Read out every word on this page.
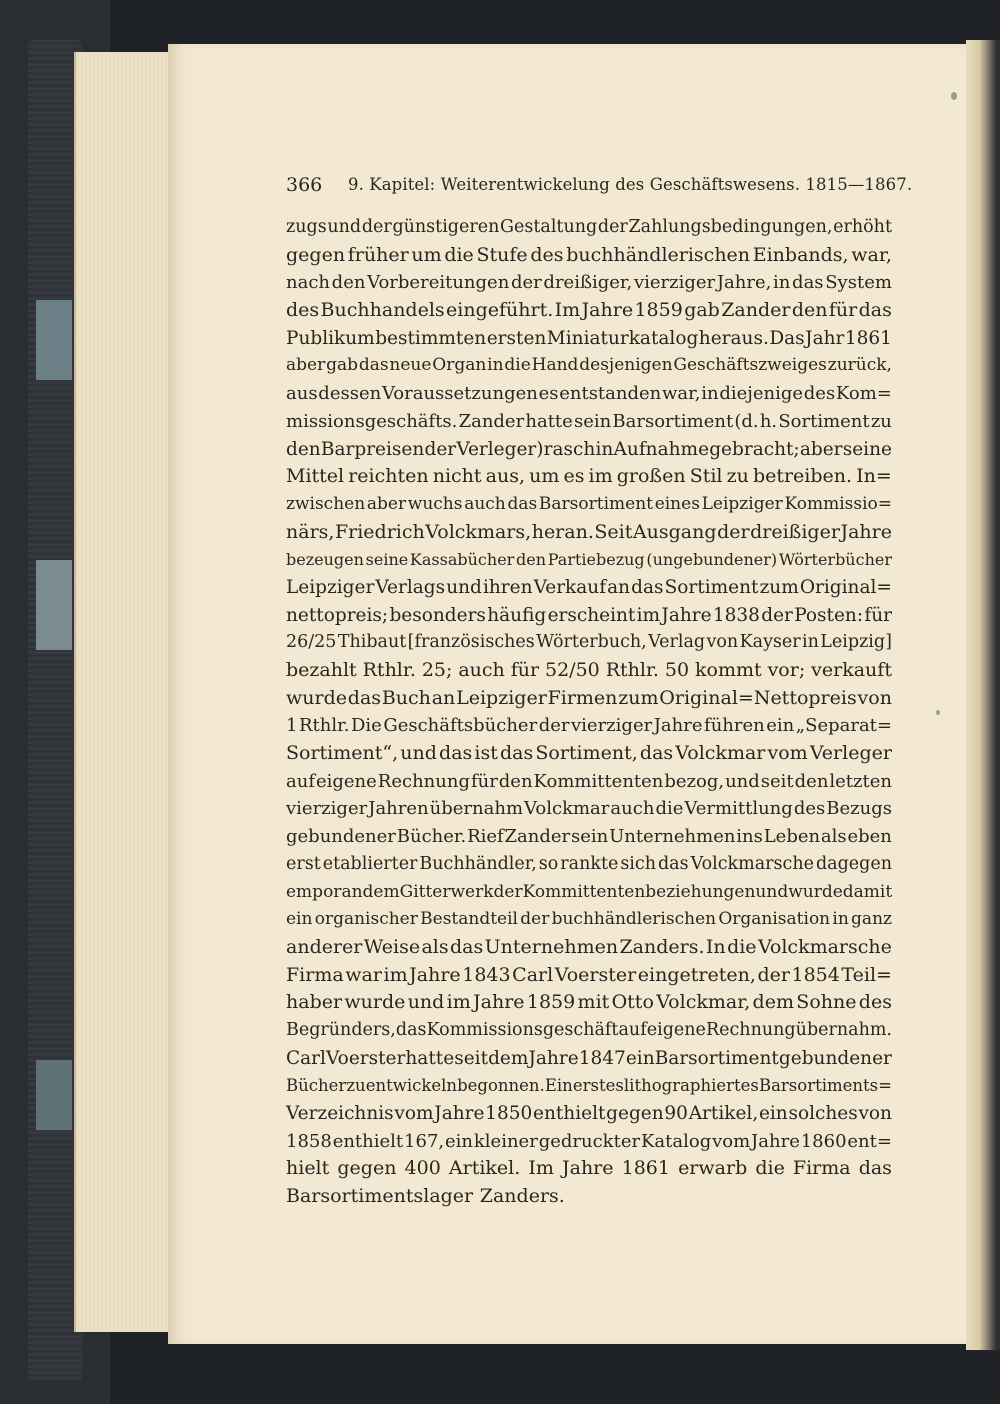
366 9. Kapitel: Weiterentwickelung des Geschäftswesens. 1815—1867.
zugs und der günstigeren Gestaltung der Zahlungsbedingungen, erhöht
gegen früher um die Stufe des buchhändlerischen Einbands, war,
nach den Vorbereitungen der dreißiger, vierziger Jahre, in das System
des Buchhandels eingeführt. Im Jahre 1859 gab Zander den für das
Publikum bestimmten ersten Miniaturkatalog heraus. Das Jahr 1861
aber gab das neue Organ in die Hand desjenigen Geschäftszweiges zurück,
aus dessen Voraussetzungen es entstanden war, in diejenige des Kom=
missionsgeschäfts. Zander hatte sein Barsortiment (d. h. Sortiment zu
den Barpreisen der Verleger) rasch in Aufnahme gebracht; aber seine
Mittel reichten nicht aus, um es im großen Stil zu betreiben. In=
zwischen aber wuchs auch das Barsortiment eines Leipziger Kommissio=
närs, Friedrich Volckmars, heran. Seit Ausgang der dreißiger Jahre
bezeugen seine Kassabücher den Partiebezug (ungebundener) Wörterbücher
Leipziger Verlags und ihren Verkauf an das Sortiment zum Original=
nettopreis; besonders häufig erscheint im Jahre 1838 der Posten: für
26/25 Thibaut [französisches Wörterbuch, Verlag von Kayser in Leipzig]
bezahlt Rthlr. 25; auch für 52/50 Rthlr. 50 kommt vor; verkauft
wurde das Buch an Leipziger Firmen zum Original=Nettopreis von
1 Rthlr. Die Geschäftsbücher der vierziger Jahre führen ein „Separat=
Sortiment“, und das ist das Sortiment, das Volckmar vom Verleger
auf eigene Rechnung für den Kommittenten bezog, und seit den letzten
vierziger Jahren übernahm Volckmar auch die Vermittlung des Bezugs
gebundener Bücher. Rief Zander sein Unternehmen ins Leben als eben
erst etablierter Buchhändler, so rankte sich das Volckmarsche dagegen
empor an dem Gitterwerk der Kommittentenbeziehungen und wurde damit
ein organischer Bestandteil der buchhändlerischen Organisation in ganz
anderer Weise als das Unternehmen Zanders. In die Volckmarsche
Firma war im Jahre 1843 Carl Voerster eingetreten, der 1854 Teil=
haber wurde und im Jahre 1859 mit Otto Volckmar, dem Sohne des
Begründers, das Kommissionsgeschäft auf eigene Rechnung übernahm.
Carl Voerster hatte seit dem Jahre 1847 ein Barsortiment gebundener
Bücher zu entwickeln begonnen. Ein erstes lithographiertes Barsortiments=
Verzeichnis vom Jahre 1850 enthielt gegen 90 Artikel, ein solches von
1858 enthielt 167, ein kleiner gedruckter Katalog vom Jahre 1860 ent=
hielt gegen 400 Artikel. Im Jahre 1861 erwarb die Firma das
Barsortimentslager Zanders.
